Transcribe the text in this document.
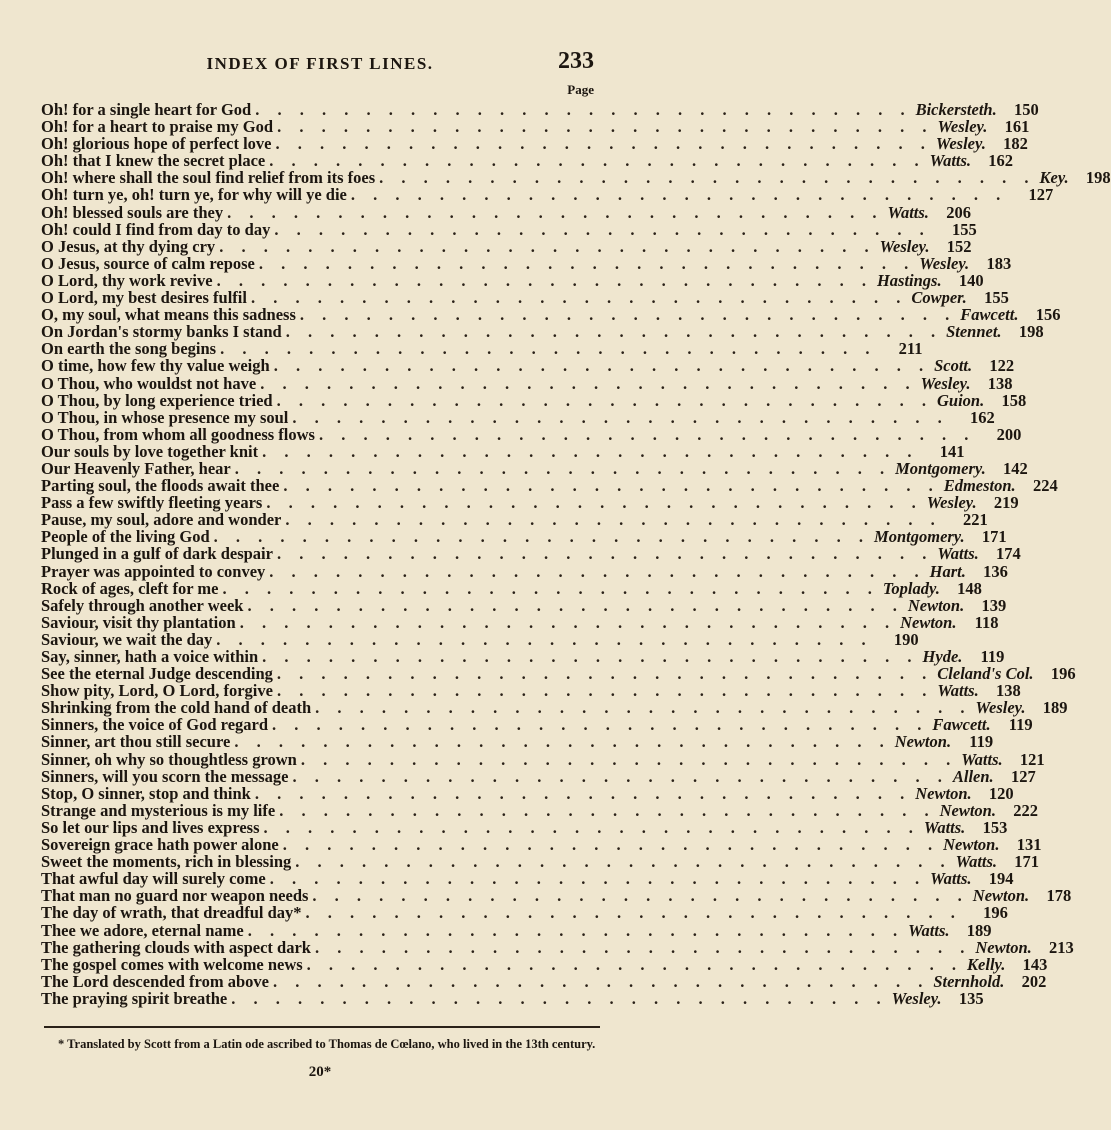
INDEX OF FIRST LINES.	233
Page
Oh! for a single heart for God . . . . . . . . . . . . . . . . . . . . . . . . . . . . . . Bickersteth.	150
Oh! for a heart to praise my God . . . . . . . . . . . . . . . . . . . . . . . . . . . . . . Wesley.	161
Oh! glorious hope of perfect love . . . . . . . . . . . . . . . . . . . . . . . . . . . . . . Wesley.	182
Oh! that I knew the secret place . . . . . . . . . . . . . . . . . . . . . . . . . . . . . . Watts.	162
Oh! where shall the soul find relief from its foes . . . . . . . . . . . . . . . . . . . . . . . . . . . . . . Key.	198
Oh! turn ye, oh! turn ye, for why will ye die . . . . . . . . . . . . . . . . . . . . . . . . . . . . . .	127
Oh! blessed souls are they . . . . . . . . . . . . . . . . . . . . . . . . . . . . . . Watts.	206
Oh! could I find from day to day . . . . . . . . . . . . . . . . . . . . . . . . . . . . . .	155
O Jesus, at thy dying cry . . . . . . . . . . . . . . . . . . . . . . . . . . . . . . Wesley.	152
O Jesus, source of calm repose . . . . . . . . . . . . . . . . . . . . . . . . . . . . . . Wesley.	183
O Lord, thy work revive . . . . . . . . . . . . . . . . . . . . . . . . . . . . . . Hastings.	140
O Lord, my best desires fulfil . . . . . . . . . . . . . . . . . . . . . . . . . . . . . . Cowper.	155
O, my soul, what means this sadness . . . . . . . . . . . . . . . . . . . . . . . . . . . . . . Fawcett.	156
On Jordan's stormy banks I stand . . . . . . . . . . . . . . . . . . . . . . . . . . . . . . Stennet.	198
On earth the song begins . . . . . . . . . . . . . . . . . . . . . . . . . . . . . .	211
O time, how few thy value weigh . . . . . . . . . . . . . . . . . . . . . . . . . . . . . . Scott.	122
O Thou, who wouldst not have . . . . . . . . . . . . . . . . . . . . . . . . . . . . . . Wesley.	138
O Thou, by long experience tried . . . . . . . . . . . . . . . . . . . . . . . . . . . . . . Guion.	158
O Thou, in whose presence my soul . . . . . . . . . . . . . . . . . . . . . . . . . . . . . .	162
O Thou, from whom all goodness flows . . . . . . . . . . . . . . . . . . . . . . . . . . . . . .	200
Our souls by love together knit . . . . . . . . . . . . . . . . . . . . . . . . . . . . . .	141
Our Heavenly Father, hear . . . . . . . . . . . . . . . . . . . . . . . . . . . . . . Montgomery.	142
Parting soul, the floods await thee . . . . . . . . . . . . . . . . . . . . . . . . . . . . . . Edmeston.	224
Pass a few swiftly fleeting years . . . . . . . . . . . . . . . . . . . . . . . . . . . . . . Wesley.	219
Pause, my soul, adore and wonder . . . . . . . . . . . . . . . . . . . . . . . . . . . . . .	221
People of the living God . . . . . . . . . . . . . . . . . . . . . . . . . . . . . . Montgomery.	171
Plunged in a gulf of dark despair . . . . . . . . . . . . . . . . . . . . . . . . . . . . . . Watts.	174
Prayer was appointed to convey . . . . . . . . . . . . . . . . . . . . . . . . . . . . . . Hart.	136
Rock of ages, cleft for me . . . . . . . . . . . . . . . . . . . . . . . . . . . . . . Toplady.	148
Safely through another week . . . . . . . . . . . . . . . . . . . . . . . . . . . . . . Newton.	139
Saviour, visit thy plantation . . . . . . . . . . . . . . . . . . . . . . . . . . . . . . Newton.	118
Saviour, we wait the day . . . . . . . . . . . . . . . . . . . . . . . . . . . . . .	190
Say, sinner, hath a voice within . . . . . . . . . . . . . . . . . . . . . . . . . . . . . . Hyde.	119
See the eternal Judge descending . . . . . . . . . . . . . . . . . . . . . . . . . . . . . . Cleland's Col.	196
Show pity, Lord, O Lord, forgive . . . . . . . . . . . . . . . . . . . . . . . . . . . . . . Watts.	138
Shrinking from the cold hand of death . . . . . . . . . . . . . . . . . . . . . . . . . . . . . . Wesley.	189
Sinners, the voice of God regard . . . . . . . . . . . . . . . . . . . . . . . . . . . . . . Fawcett.	119
Sinner, art thou still secure . . . . . . . . . . . . . . . . . . . . . . . . . . . . . . Newton.	119
Sinner, oh why so thoughtless grown . . . . . . . . . . . . . . . . . . . . . . . . . . . . . . Watts.	121
Sinners, will you scorn the message . . . . . . . . . . . . . . . . . . . . . . . . . . . . . . Allen.	127
Stop, O sinner, stop and think . . . . . . . . . . . . . . . . . . . . . . . . . . . . . . Newton.	120
Strange and mysterious is my life . . . . . . . . . . . . . . . . . . . . . . . . . . . . . . Newton.	222
So let our lips and lives express . . . . . . . . . . . . . . . . . . . . . . . . . . . . . . Watts.	153
Sovereign grace hath power alone . . . . . . . . . . . . . . . . . . . . . . . . . . . . . . Newton.	131
Sweet the moments, rich in blessing . . . . . . . . . . . . . . . . . . . . . . . . . . . . . . Watts.	171
That awful day will surely come . . . . . . . . . . . . . . . . . . . . . . . . . . . . . . Watts.	194
That man no guard nor weapon needs . . . . . . . . . . . . . . . . . . . . . . . . . . . . . . Newton.	178
The day of wrath, that dreadful day* . . . . . . . . . . . . . . . . . . . . . . . . . . . . . .	196
Thee we adore, eternal name . . . . . . . . . . . . . . . . . . . . . . . . . . . . . . Watts.	189
The gathering clouds with aspect dark . . . . . . . . . . . . . . . . . . . . . . . . . . . . . . Newton.	213
The gospel comes with welcome news . . . . . . . . . . . . . . . . . . . . . . . . . . . . . . Kelly.	143
The Lord descended from above . . . . . . . . . . . . . . . . . . . . . . . . . . . . . . Sternhold.	202
The praying spirit breathe . . . . . . . . . . . . . . . . . . . . . . . . . . . . . . Wesley.	135
* Translated by Scott from a Latin ode ascribed to Thomas de Cœlano, who lived in the 13th century.
20*
